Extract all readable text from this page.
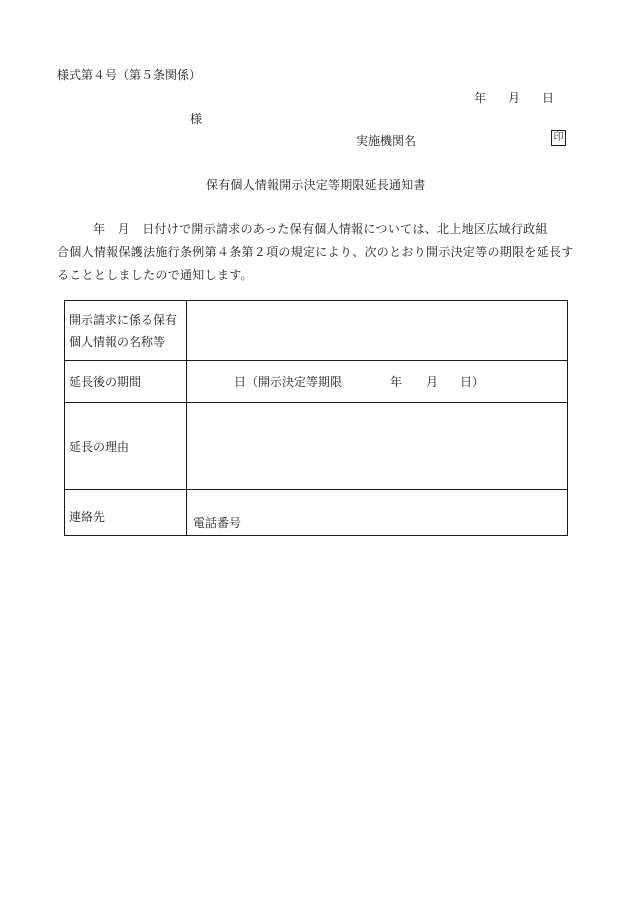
様式第４号（第５条関係）
年 月 日
様
実施機関名	印
保有個人情報開示決定等期限延長通知書
年　月　日付けで開示請求のあった保有個人情報については、北上地区広域行政組
合個人情報保護法施行条例第４条第２項の規定により、次のとおり開示決定等の期限を延長す
ることとしましたので通知します。
開示請求に係る保有
個人情報の名称等	

延長後の期間	日（開示決定等期限 年 月 日）
延長の理由	
連絡先	電話番号
